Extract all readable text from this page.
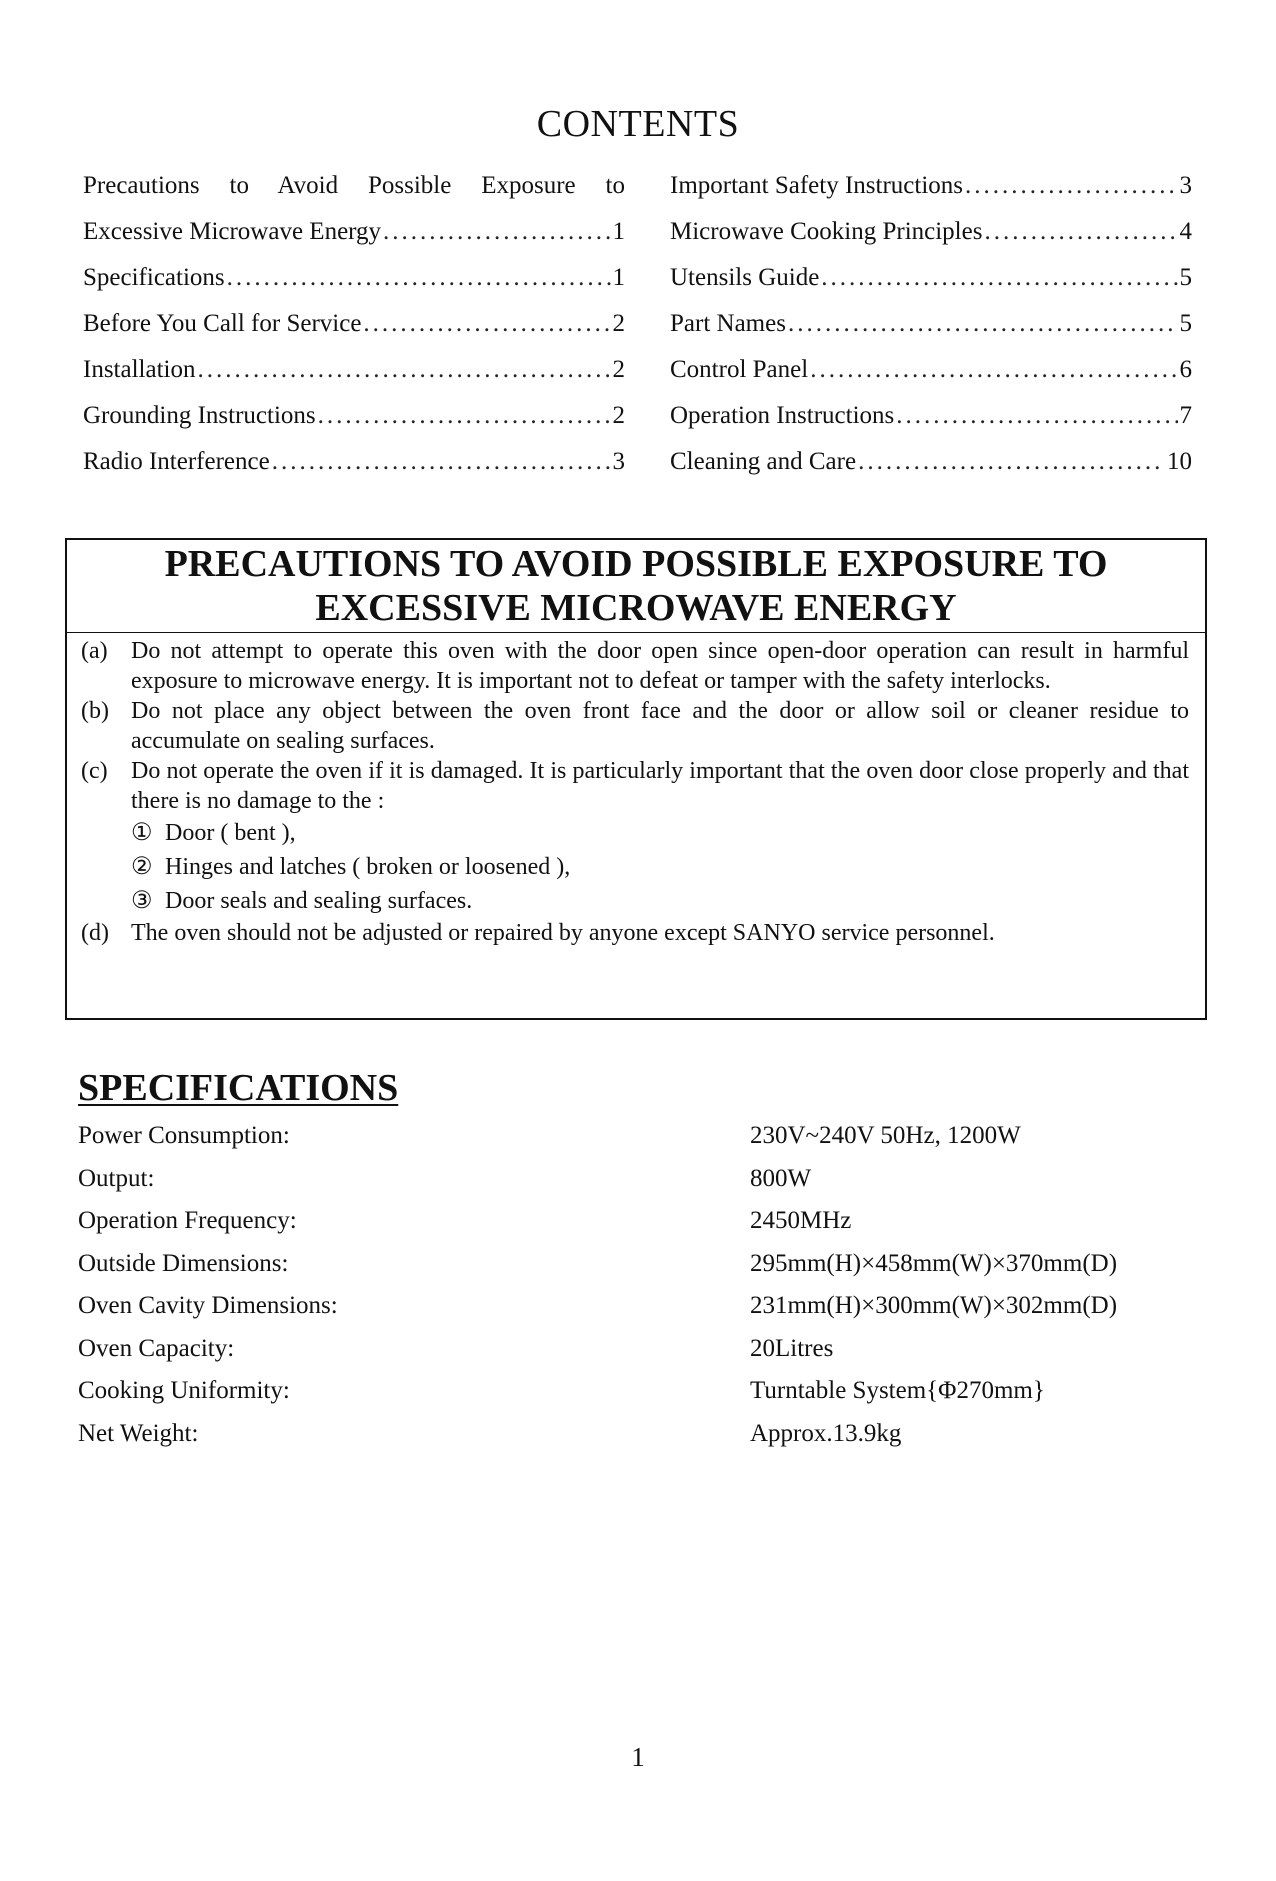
CONTENTS
Precautions to Avoid Possible Exposure to
Excessive Microwave Energy .....	1
Specifications .....	1
Before You Call for Service .....	2
Installation .....	2
Grounding Instructions .....	2
Radio Interference .....	3
Important Safety Instructions .....	3
Microwave Cooking Principles .....	4
Utensils Guide .....	5
Part Names .....	5
Control Panel .....	6
Operation Instructions .....	7
Cleaning and Care .....	10
PRECAUTIONS TO AVOID POSSIBLE EXPOSURE TO
EXCESSIVE MICROWAVE ENERGY
(a) Do not attempt to operate this oven with the door open since open-door operation can result in harmful exposure to microwave energy. It is important not to defeat or tamper with the safety interlocks.
(b) Do not place any object between the oven front face and the door or allow soil or cleaner residue to accumulate on sealing surfaces.
(c) Do not operate the oven if it is damaged. It is particularly important that the oven door close properly and that there is no damage to the :
① Door ( bent ),
② Hinges and latches ( broken or loosened ),
③ Door seals and sealing surfaces.
(d) The oven should not be adjusted or repaired by anyone except SANYO service personnel.
SPECIFICATIONS
Power Consumption:	230V~240V 50Hz, 1200W
Output:	800W
Operation Frequency:	2450MHz
Outside Dimensions:	295mm(H)×458mm(W)×370mm(D)
Oven Cavity Dimensions:	231mm(H)×300mm(W)×302mm(D)
Oven Capacity:	20Litres
Cooking Uniformity:	Turntable System{Φ270mm}
Net Weight:	Approx.13.9kg
1
